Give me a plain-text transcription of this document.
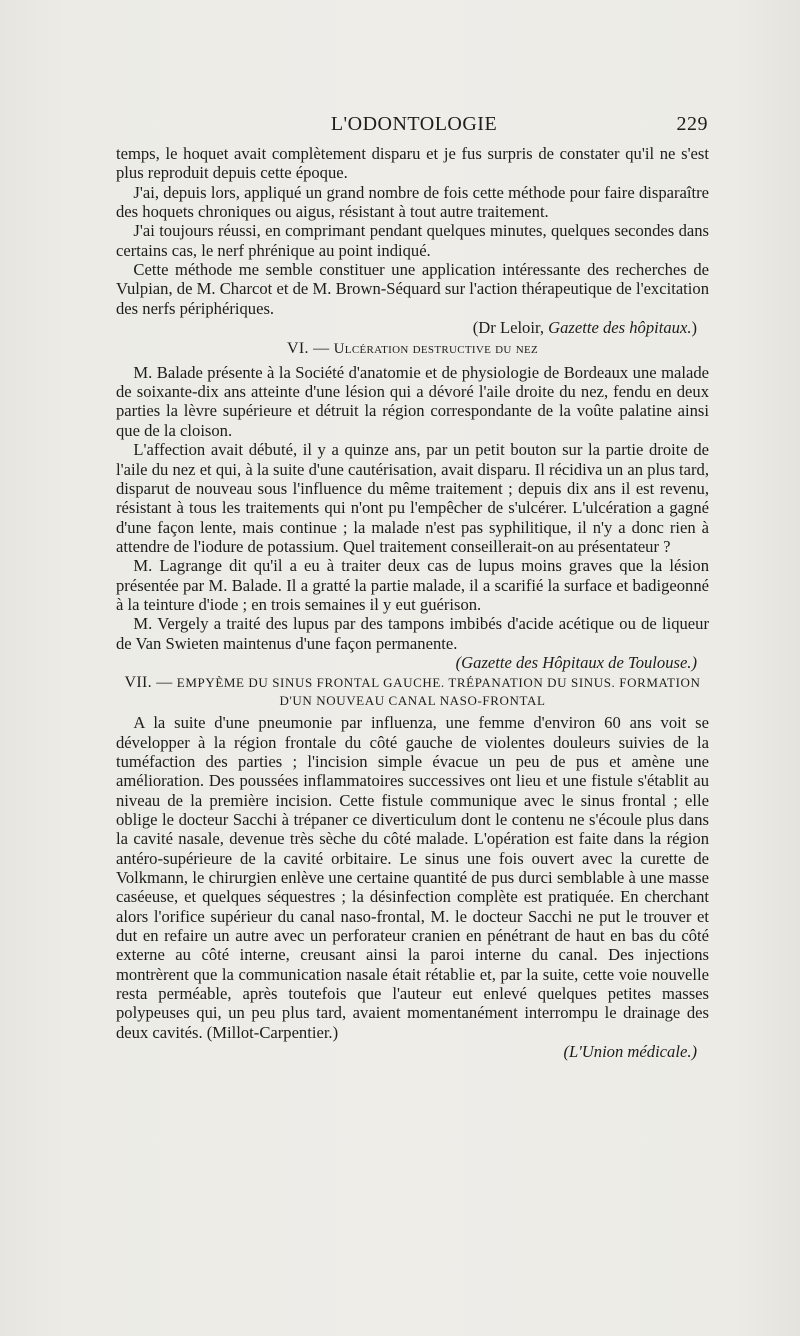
L'ODONTOLOGIE	229

temps, le hoquet avait complètement disparu et je fus surpris de constater qu'il ne s'est plus reproduit depuis cette époque.

J'ai, depuis lors, appliqué un grand nombre de fois cette méthode pour faire disparaître des hoquets chroniques ou aigus, résistant à tout autre traitement.

J'ai toujours réussi, en comprimant pendant quelques minutes, quelques secondes dans certains cas, le nerf phrénique au point indiqué.

Cette méthode me semble constituer une application intéressante des recherches de Vulpian, de M. Charcot et de M. Brown-Séquard sur l'action thérapeutique de l'excitation des nerfs périphériques.

(Dr Leloir, Gazette des hôpitaux.)

VI. — Ulcération destructive du nez

M. Balade présente à la Société d'anatomie et de physiologie de Bordeaux une malade de soixante-dix ans atteinte d'une lésion qui a dévoré l'aile droite du nez, fendu en deux parties la lèvre supérieure et détruit la région correspondante de la voûte palatine ainsi que de la cloison.

L'affection avait débuté, il y a quinze ans, par un petit bouton sur la partie droite de l'aile du nez et qui, à la suite d'une cautérisation, avait disparu. Il récidiva un an plus tard, disparut de nouveau sous l'influence du même traitement ; depuis dix ans il est revenu, résistant à tous les traitements qui n'ont pu l'empêcher de s'ulcérer. L'ulcération a gagné d'une façon lente, mais continue ; la malade n'est pas syphilitique, il n'y a donc rien à attendre de l'iodure de potassium. Quel traitement conseillerait-on au présentateur ?

M. Lagrange dit qu'il a eu à traiter deux cas de lupus moins graves que la lésion présentée par M. Balade. Il a gratté la partie malade, il a scarifié la surface et badigeonné à la teinture d'iode ; en trois semaines il y eut guérison.

M. Vergely a traité des lupus par des tampons imbibés d'acide acétique ou de liqueur de Van Swieten maintenus d'une façon permanente.

(Gazette des Hôpitaux de Toulouse.)

VII. — EMPYÈME DU SINUS FRONTAL GAUCHE. TRÉPANATION DU SINUS. FORMATION
D'UN NOUVEAU CANAL NASO-FRONTAL

A la suite d'une pneumonie par influenza, une femme d'environ 60 ans voit se développer à la région frontale du côté gauche de violentes douleurs suivies de la tuméfaction des parties ; l'incision simple évacue un peu de pus et amène une amélioration. Des poussées inflammatoires successives ont lieu et une fistule s'établit au niveau de la première incision. Cette fistule communique avec le sinus frontal ; elle oblige le docteur Sacchi à trépaner ce diverticulum dont le contenu ne s'écoule plus dans la cavité nasale, devenue très sèche du côté malade. L'opération est faite dans la région antéro-supérieure de la cavité orbitaire. Le sinus une fois ouvert avec la curette de Volkmann, le chirurgien enlève une certaine quantité de pus durci semblable à une masse caséeuse, et quelques séquestres ; la désinfection complète est pratiquée. En cherchant alors l'orifice supérieur du canal naso-frontal, M. le docteur Sacchi ne put le trouver et dut en refaire un autre avec un perforateur cranien en pénétrant de haut en bas du côté externe au côté interne, creusant ainsi la paroi interne du canal. Des injections montrèrent que la communication nasale était rétablie et, par la suite, cette voie nouvelle resta perméable, après toutefois que l'auteur eut enlevé quelques petites masses polypeuses qui, un peu plus tard, avaient momentanément interrompu le drainage des deux cavités. (Millot-Carpentier.)

(L'Union médicale.)
